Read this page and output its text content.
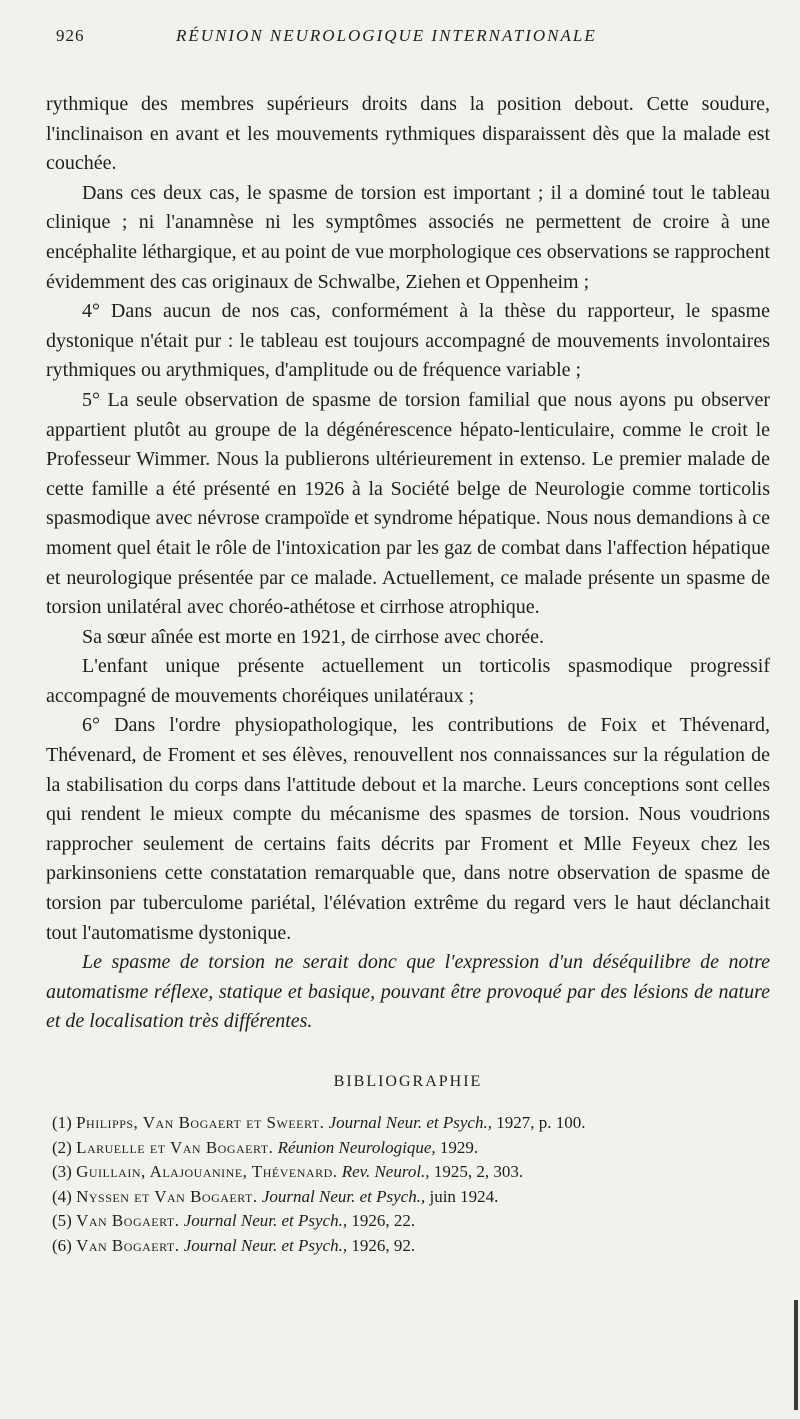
926	RÉUNION NEUROLOGIQUE INTERNATIONALE

rythmique des membres supérieurs droits dans la position debout. Cette soudure, l'inclinaison en avant et les mouvements rythmiques disparaissent dès que la malade est couchée.

Dans ces deux cas, le spasme de torsion est important ; il a dominé tout le tableau clinique ; ni l'anamnèse ni les symptômes associés ne permettent de croire à une encéphalite léthargique, et au point de vue morphologique ces observations se rapprochent évidemment des cas originaux de Schwalbe, Ziehen et Oppenheim ;

4° Dans aucun de nos cas, conformément à la thèse du rapporteur, le spasme dystonique n'était pur : le tableau est toujours accompagné de mouvements involontaires rythmiques ou arythmiques, d'amplitude ou de fréquence variable ;

5° La seule observation de spasme de torsion familial que nous ayons pu observer appartient plutôt au groupe de la dégénérescence hépato-lenticulaire, comme le croit le Professeur Wimmer. Nous la publierons ultérieurement in extenso. Le premier malade de cette famille a été présenté en 1926 à la Société belge de Neurologie comme torticolis spasmodique avec névrose crampoïde et syndrome hépatique. Nous nous demandions à ce moment quel était le rôle de l'intoxication par les gaz de combat dans l'affection hépatique et neurologique présentée par ce malade. Actuellement, ce malade présente un spasme de torsion unilatéral avec choréo-athétose et cirrhose atrophique.

Sa sœur aînée est morte en 1921, de cirrhose avec chorée.

L'enfant unique présente actuellement un torticolis spasmodique progressif accompagné de mouvements choréiques unilatéraux ;

6° Dans l'ordre physiopathologique, les contributions de Foix et Thévenard, Thévenard, de Froment et ses élèves, renouvellent nos connaissances sur la régulation de la stabilisation du corps dans l'attitude debout et la marche. Leurs conceptions sont celles qui rendent le mieux compte du mécanisme des spasmes de torsion. Nous voudrions rapprocher seulement de certains faits décrits par Froment et Mlle Feyeux chez les parkinsoniens cette constatation remarquable que, dans notre observation de spasme de torsion par tuberculome pariétal, l'élévation extrême du regard vers le haut déclanchait tout l'automatisme dystonique.

Le spasme de torsion ne serait donc que l'expression d'un déséquilibre de notre automatisme réflexe, statique et basique, pouvant être provoqué par des lésions de nature et de localisation très différentes.

BIBLIOGRAPHIE
(1) Philipps, Van Bogaert et Sweert. Journal Neur. et Psych., 1927, p. 100.
(2) Laruelle et Van Bogaert. Réunion Neurologique, 1929.
(3) Guillain, Alajouanine, Thévenard. Rev. Neurol., 1925, 2, 303.
(4) Nyssen et Van Bogaert. Journal Neur. et Psych., juin 1924.
(5) Van Bogaert. Journal Neur. et Psych., 1926, 22.
(6) Van Bogaert. Journal Neur. et Psych., 1926, 92.
